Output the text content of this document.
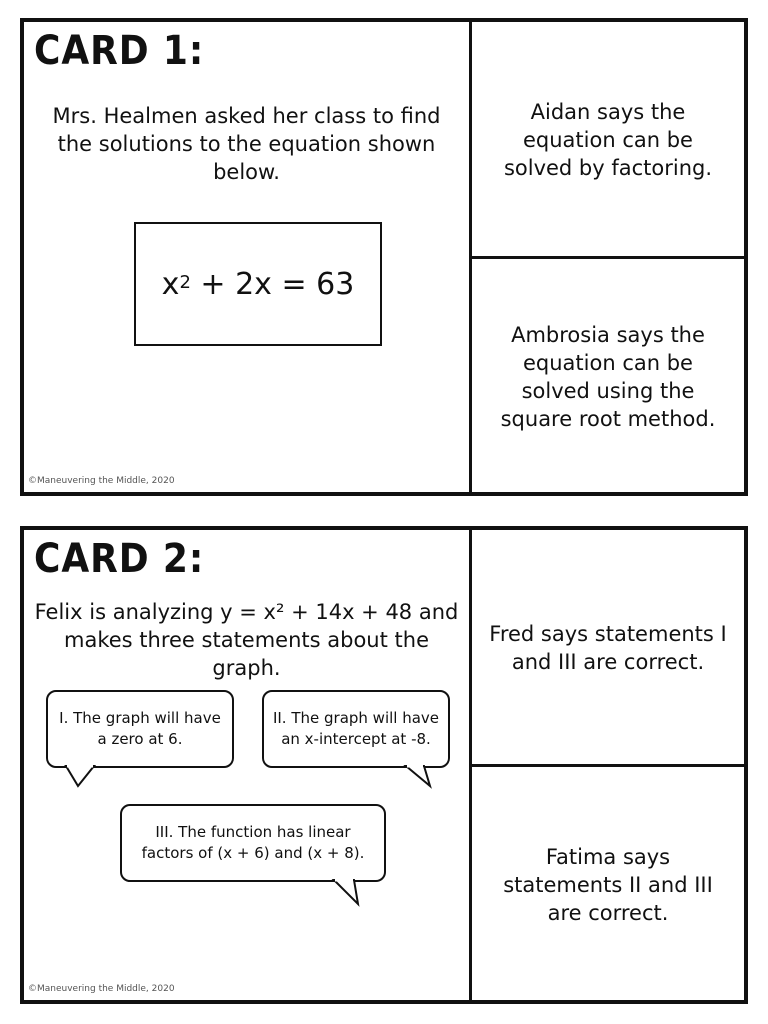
CARD 1:
Mrs. Healmen asked her class to find the solutions to the equation shown below.
$x^2 + 2x = 63$
©Maneuvering the Middle, 2020
Aidan says the equation can be solved by factoring.
Ambrosia says the equation can be solved using the square root method.
CARD 2:
Felix is analyzing y = x² + 14x + 48 and makes three statements about the graph.
I. The graph will have a zero at 6.
II. The graph will have an x-intercept at -8.
III. The function has linear factors of (x + 6) and (x + 8).
©Maneuvering the Middle, 2020
Fred says statements I and III are correct.
Fatima says statements II and III are correct.
